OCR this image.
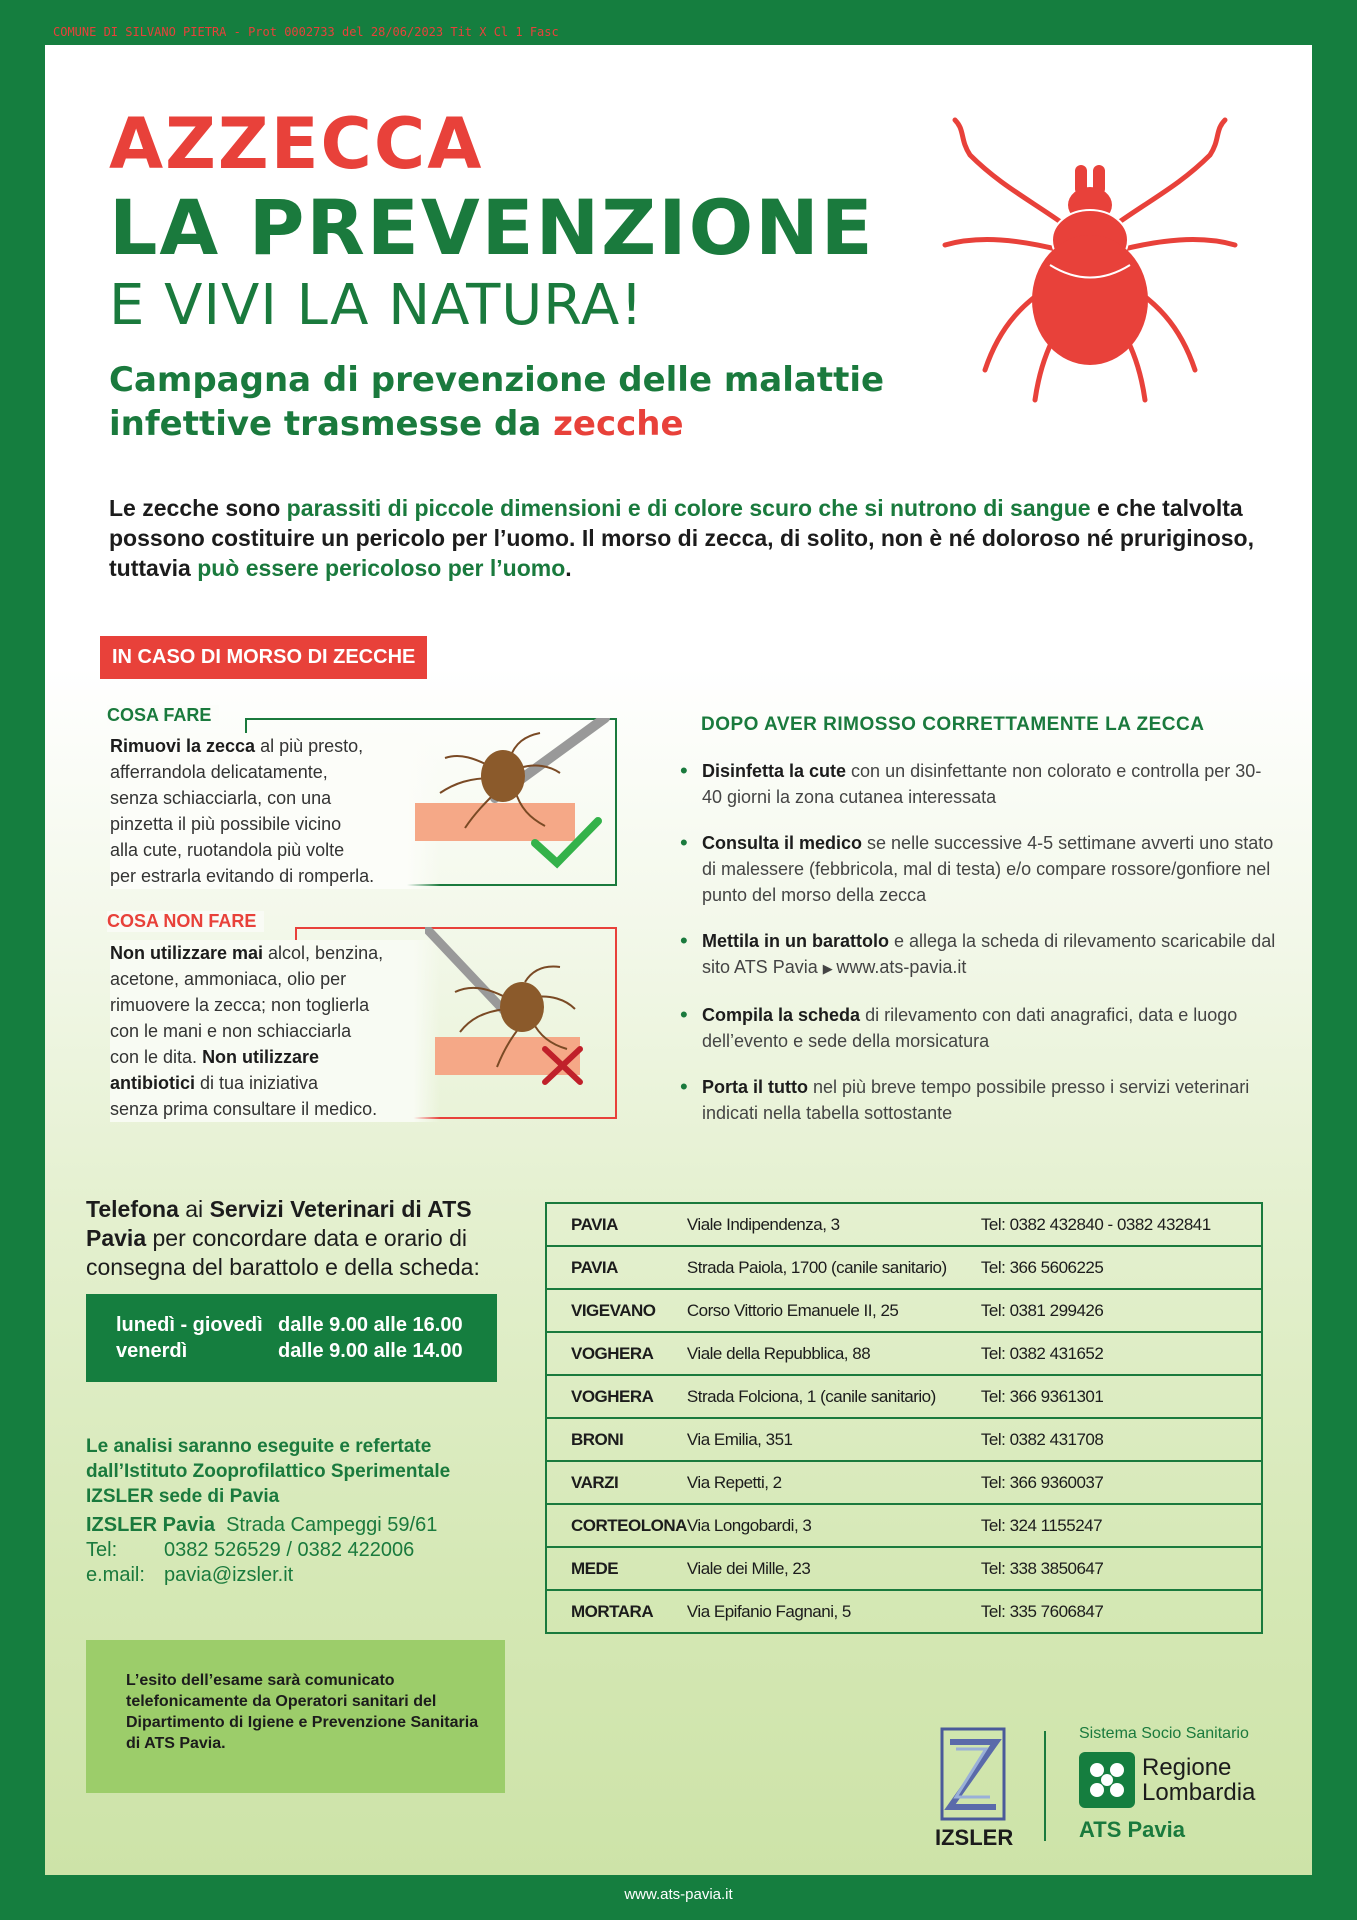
COMUNE DI SILVANO PIETRA - Prot 0002733 del 28/06/2023 Tit X Cl 1 Fasc
AZZECCA
LA PREVENZIONE
E VIVI LA NATURA!
Campagna di prevenzione delle malattie
infettive trasmesse da zecche
Le zecche sono parassiti di piccole dimensioni e di colore scuro che si nutrono di sangue e che talvolta possono costituire un pericolo per l’uomo. Il morso di zecca, di solito, non è né doloroso né pruriginoso, tuttavia può essere pericoloso per l’uomo.
IN CASO DI MORSO DI ZECCHE
COSA FARE
Rimuovi la zecca al più presto,
afferrandola delicatamente,
senza schiacciarla, con una
pinzetta il più possibile vicino
alla cute, ruotandola più volte
per estrarla evitando di romperla.
COSA NON FARE
Non utilizzare mai alcol, benzina,
acetone, ammoniaca, olio per
rimuovere la zecca; non toglierla
con le mani e non schiacciarla
con le dita. Non utilizzare
antibiotici di tua iniziativa
senza prima consultare il medico.
DOPO AVER RIMOSSO CORRETTAMENTE LA ZECCA
• Disinfetta la cute con un disinfettante non colorato e controlla per 30-40 giorni la zona cutanea interessata
• Consulta il medico se nelle successive 4-5 settimane avverti uno stato di malessere (febbricola, mal di testa) e/o compare rossore/gonfiore nel punto del morso della zecca
• Mettila in un barattolo e allega la scheda di rilevamento scaricabile dal sito ATS Pavia ▶ www.ats-pavia.it
• Compila la scheda di rilevamento con dati anagrafici, data e luogo dell’evento e sede della morsicatura
• Porta il tutto nel più breve tempo possibile presso i servizi veterinari indicati nella tabella sottostante
Telefona ai Servizi Veterinari di ATS Pavia per concordare data e orario di consegna del barattolo e della scheda:
lunedì - giovedì dalle 9.00 alle 16.00
venerdì	dalle 9.00 alle 14.00
Le analisi saranno eseguite e refertate dall’Istituto Zooprofilattico Sperimentale IZSLER sede di Pavia
IZSLER Pavia Strada Campeggi 59/61
Tel: 0382 526529 / 0382 422006
e.mail: pavia@izsler.it
L’esito dell’esame sarà comunicato telefonicamente da Operatori sanitari del Dipartimento di Igiene e Prevenzione Sanitaria di ATS Pavia.
PAVIA	Viale Indipendenza, 3	Tel: 0382 432840 - 0382 432841
PAVIA	Strada Paiola, 1700 (canile sanitario)	Tel: 366 5606225
VIGEVANO	Corso Vittorio Emanuele II, 25	Tel: 0381 299426
VOGHERA	Viale della Repubblica, 88	Tel: 0382 431652
VOGHERA	Strada Folciona, 1 (canile sanitario)	Tel: 366 9361301
BRONI	Via Emilia, 351	Tel: 0382 431708
VARZI	Via Repetti, 2	Tel: 366 9360037
CORTEOLONA	Via Longobardi, 3	Tel: 324 1155247
MEDE	Viale dei Mille, 23	Tel: 338 3850647
MORTARA	Via Epifanio Fagnani, 5	Tel: 335 7606847
IZSLER
Sistema Socio Sanitario
Regione
Lombardia
ATS Pavia
www.ats-pavia.it
